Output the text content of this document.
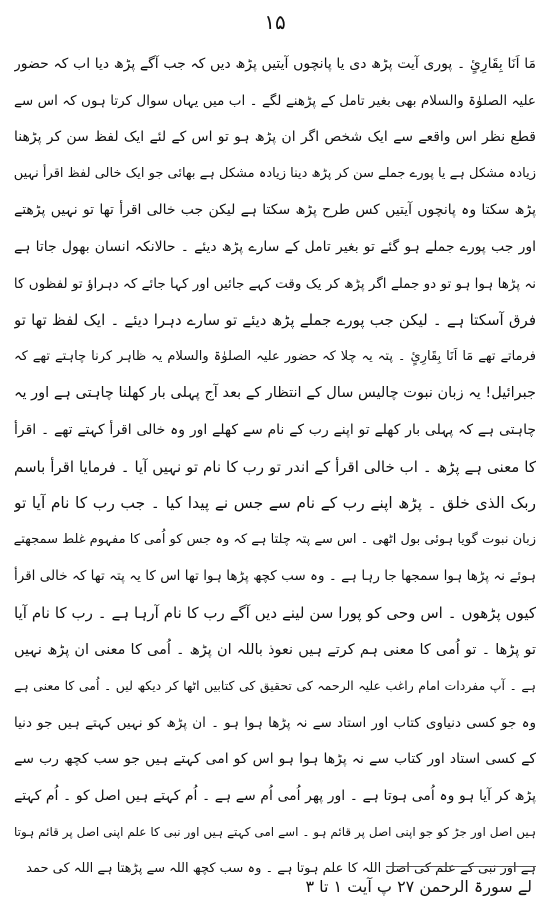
۱۵
مَا اَنَا بِقَارِئٍ ۔ پوری آیت پڑھ دی یا پانچوں آیتیں پڑھ دیں کہ جب آگے پڑھ دیا اب کہ حضور
علیہ الصلوٰۃ والسلام بھی بغیر تامل کے پڑھنے لگے ۔ اب میں یہاں سوال کرتا ہوں کہ اس سے
قطع نظر اس واقعے سے ایک شخص اگر ان پڑھ ہو تو اس کے لئے ایک لفظ سن کر پڑھنا
زیادہ مشکل ہے یا پورے جملے سن کر پڑھ دینا زیادہ مشکل ہے بھائی جو ایک خالی لفظ اقرأ نہیں
پڑھ سکتا وہ پانچوں آیتیں کس طرح پڑھ سکتا ہے لیکن جب خالی اقرأ تھا تو نہیں پڑھتے
اور جب پورے جملے ہو گئے تو بغیر تامل کے سارے پڑھ دیئے ۔ حالانکہ انسان بھول جاتا ہے
نہ پڑھا ہوا ہو تو دو جملے اگر پڑھ کر یک وقت کہے جائیں اور کہا جائے کہ دہراؤ تو لفظوں کا
فرق آسکتا ہے ۔ لیکن جب پورے جملے پڑھ دیئے تو سارے دہرا دیئے ۔ ایک لفظ تھا تو
فرماتے تھے مَا اَنَا بِقَارِئٍ ۔ پتہ یہ چلا کہ حضور علیہ الصلوٰۃ والسلام یہ ظاہر کرنا چاہتے تھے کہ
جبرائیل! یہ زبان نبوت چالیس سال کے انتظار کے بعد آج پہلی بار کھلنا چاہتی ہے اور یہ
چاہتی ہے کہ پہلی بار کھلے تو اپنے رب کے نام سے کھلے اور وہ خالی اقرأ کہتے تھے ۔ اقرأ
کا معنی ہے پڑھ ۔ اب خالی اقرأ کے اندر تو رب کا نام تو نہیں آیا ۔ فرمایا اقرأ باسم
ربک الذی خلق ۔ پڑھ اپنے رب کے نام سے جس نے پیدا کیا ۔ جب رب کا نام آیا تو
زبان نبوت گویا ہوئی بول اٹھی ۔ اس سے پتہ چلتا ہے کہ وہ جس کو اُمی کا مفہوم غلط سمجھتے
ہوئے نہ پڑھا ہوا سمجھا جا رہا ہے ۔ وہ سب کچھ پڑھا ہوا تھا اس کا یہ پتہ تھا کہ خالی اقرأ
کیوں پڑھوں ۔ اس وحی کو پورا سن لینے دیں آگے رب کا نام آرہا ہے ۔ رب کا نام آیا
تو پڑھا ۔ تو اُمی کا معنی ہم کرتے ہیں نعوذ باللہ ان پڑھ ۔ اُمی کا معنی ان پڑھ نہیں
ہے ۔ آپ مفردات امام راغب علیہ الرحمہ کی تحقیق کی کتابیں اٹھا کر دیکھ لیں ۔ اُمی کا معنی ہے
وہ جو کسی دنیاوی کتاب اور استاد سے نہ پڑھا ہوا ہو ۔ ان پڑھ کو نہیں کہتے ہیں جو دنیا
کے کسی استاد اور کتاب سے نہ پڑھا ہوا ہو اس کو امی کہتے ہیں جو سب کچھ رب سے
پڑھ کر آیا ہو وہ اُمی ہوتا ہے ۔ اور پھر اُمی اُم سے ہے ۔ اُم کہتے ہیں اصل کو ۔ اُم کہتے
ہیں اصل اور جڑ کو جو اپنی اصل پر قائم ہو ۔ اسے امی کہتے ہیں اور نبی کا علم اپنی اصل پر قائم ہوتا
ہے اور نبی کے علم کی اصل اللہ کا علم ہوتا ہے ۔ وہ سب کچھ اللہ سے پڑھتا ہے اللہ کی حمد
لے سورۃ الرحمن ۲۷ پ آیت ۱ تا ۳
